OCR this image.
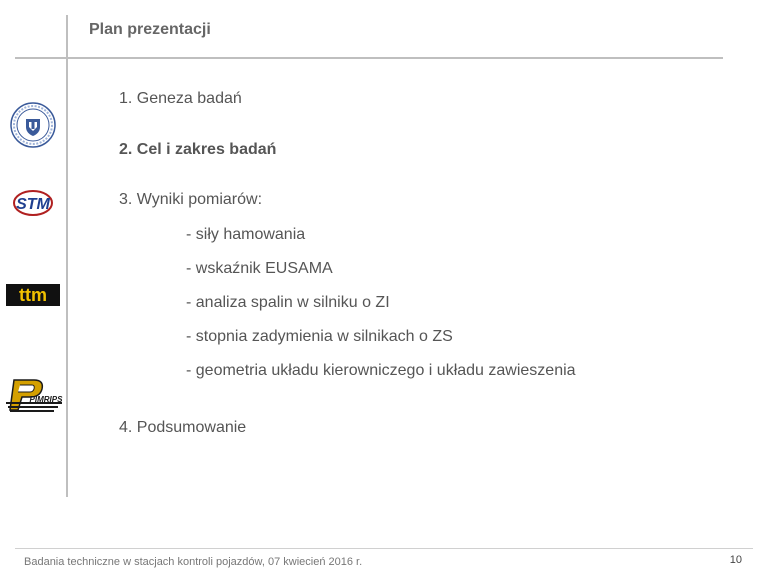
Plan prezentacji
STM
ttm
PIMRIPS
1. Geneza badań
2. Cel i zakres badań
3. Wyniki pomiarów:
- siły hamowania
- wskaźnik EUSAMA
- analiza spalin w silniku o ZI
- stopnia zadymienia w silnikach o ZS
- geometria układu kierowniczego i układu zawieszenia
4. Podsumowanie
Badania techniczne w stacjach kontroli pojazdów, 07 kwiecień 2016 r.	10
